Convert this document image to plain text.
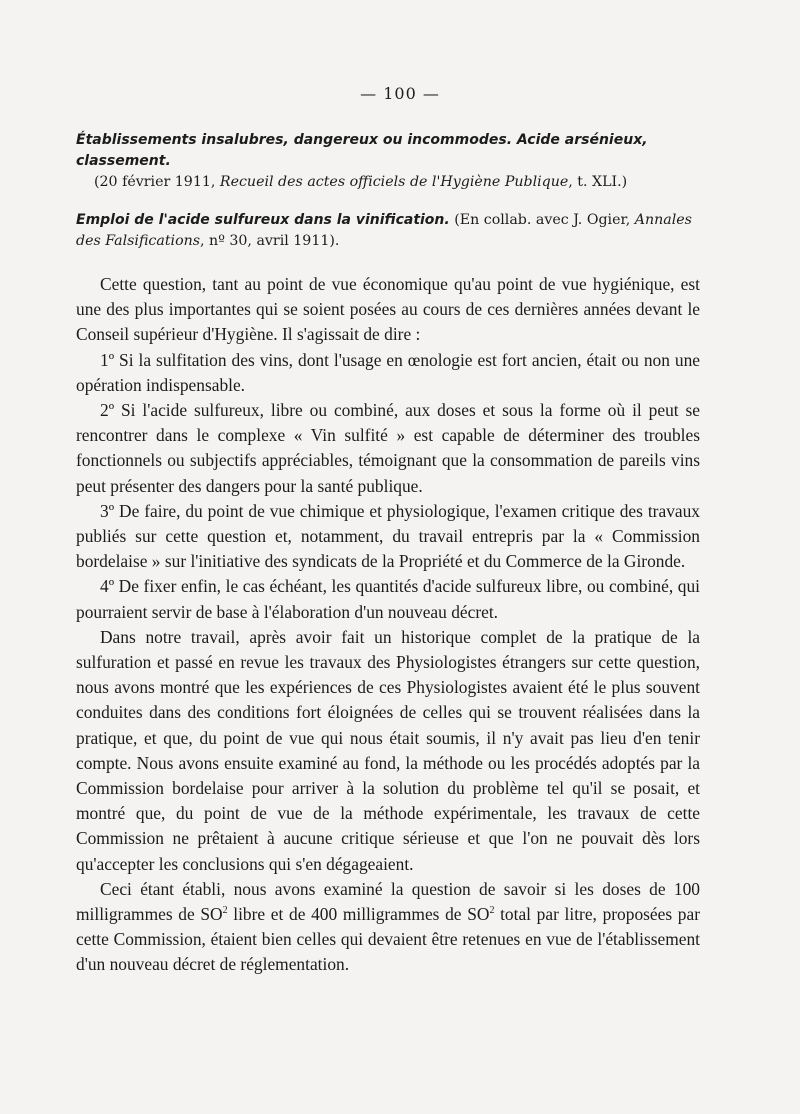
— 100 —
Établissements insalubres, dangereux ou incommodes. Acide arsénieux, classement.
(20 février 1911, Recueil des actes officiels de l'Hygiène Publique, t. XLI.)
Emploi de l'acide sulfureux dans la vinification. (En collab. avec J. Ogier, Annales des Falsifications, nº 30, avril 1911).

Cette question, tant au point de vue économique qu'au point de vue hygiénique, est une des plus importantes qui se soient posées au cours de ces dernières années devant le Conseil supérieur d'Hygiène. Il s'agissait de dire :

1º Si la sulfitation des vins, dont l'usage en œnologie est fort ancien, était ou non une opération indispensable.

2º Si l'acide sulfureux, libre ou combiné, aux doses et sous la forme où il peut se rencontrer dans le complexe « Vin sulfité » est capable de déterminer des troubles fonctionnels ou subjectifs appréciables, témoignant que la consommation de pareils vins peut présenter des dangers pour la santé publique.

3º De faire, du point de vue chimique et physiologique, l'examen critique des travaux publiés sur cette question et, notamment, du travail entrepris par la « Commission bordelaise » sur l'initiative des syndicats de la Propriété et du Commerce de la Gironde.

4º De fixer enfin, le cas échéant, les quantités d'acide sulfureux libre, ou combiné, qui pourraient servir de base à l'élaboration d'un nouveau décret.

Dans notre travail, après avoir fait un historique complet de la pratique de la sulfuration et passé en revue les travaux des Physiologistes étrangers sur cette question, nous avons montré que les expériences de ces Physiologistes avaient été le plus souvent conduites dans des conditions fort éloignées de celles qui se trouvent réalisées dans la pratique, et que, du point de vue qui nous était soumis, il n'y avait pas lieu d'en tenir compte. Nous avons ensuite examiné au fond, la méthode ou les procédés adoptés par la Commission bordelaise pour arriver à la solution du problème tel qu'il se posait, et montré que, du point de vue de la méthode expérimentale, les travaux de cette Commission ne prêtaient à aucune critique sérieuse et que l'on ne pouvait dès lors qu'accepter les conclusions qui s'en dégageaient.

Ceci étant établi, nous avons examiné la question de savoir si les doses de 100 milligrammes de $SO^2$ libre et de 400 milligrammes de $SO^2$ total par litre, proposées par cette Commission, étaient bien celles qui devaient être retenues en vue de l'établissement d'un nouveau décret de réglementation.
